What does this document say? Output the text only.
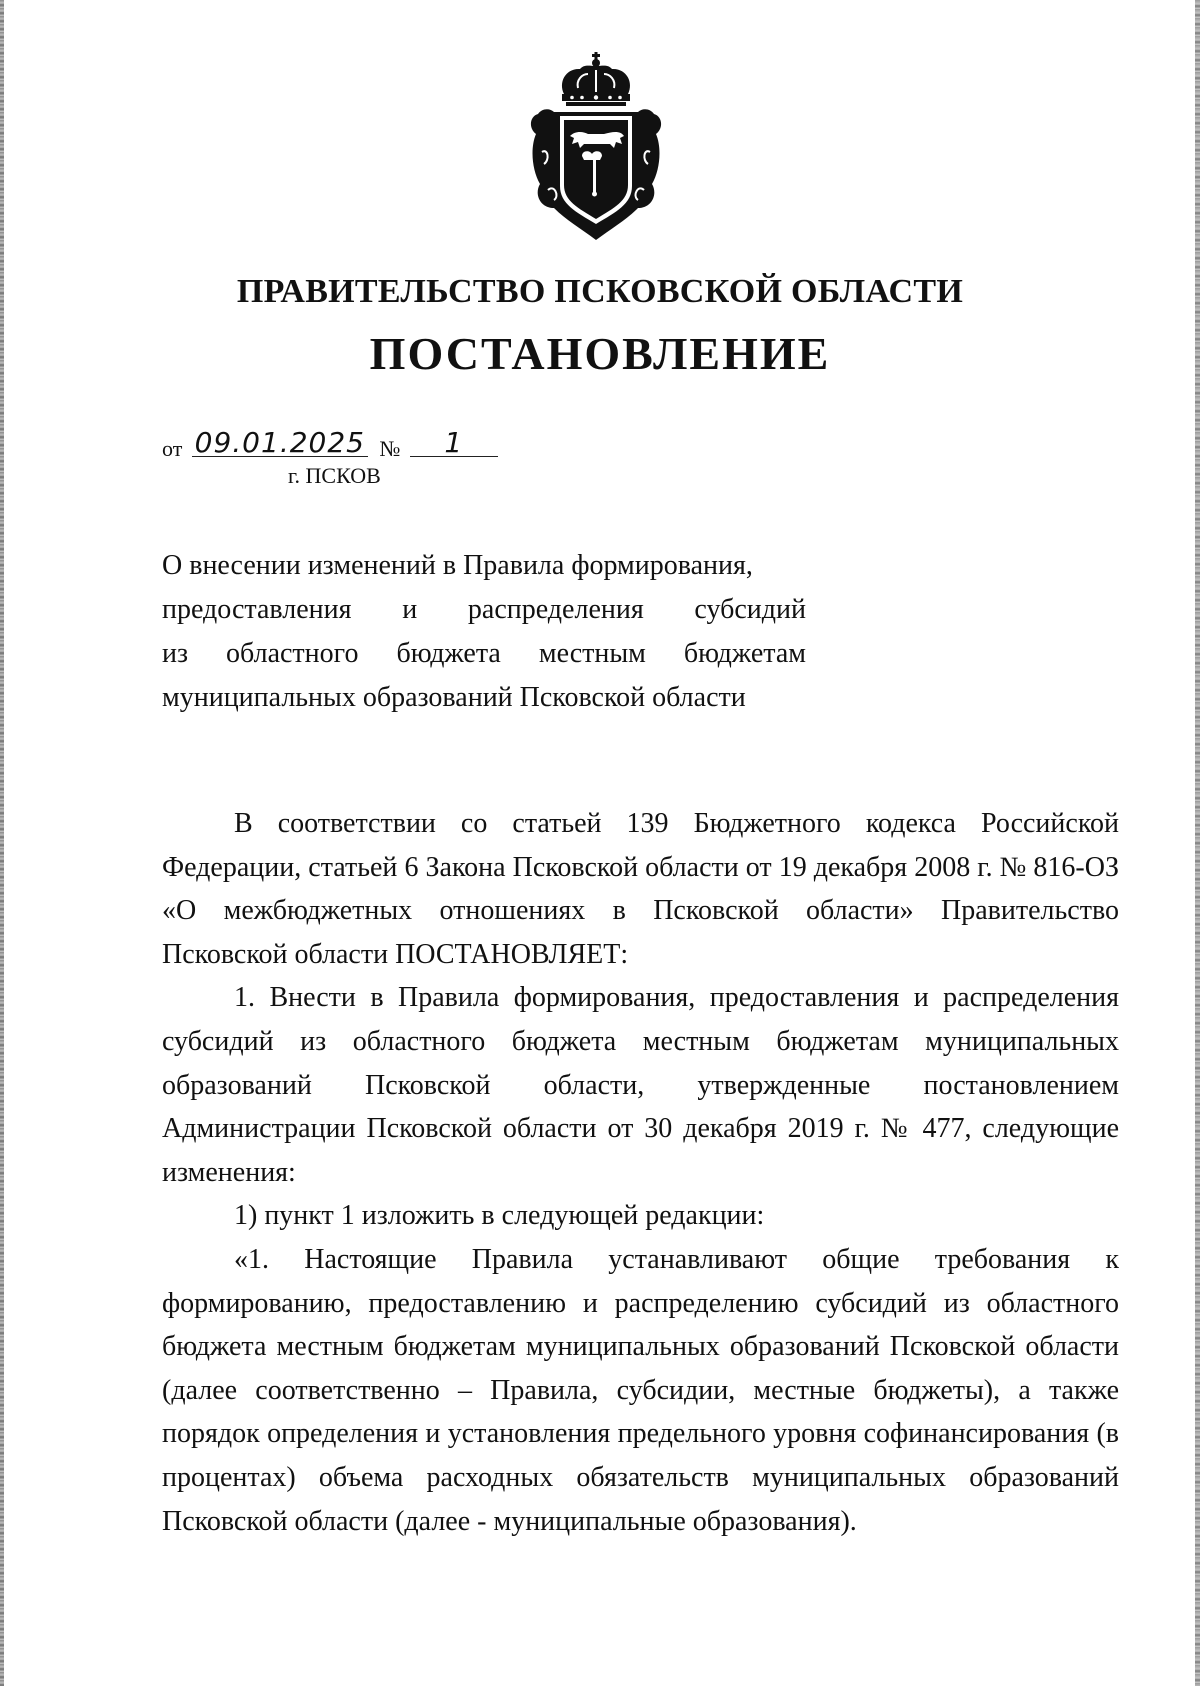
ПРАВИТЕЛЬСТВО ПСКОВСКОЙ ОБЛАСТИ
ПОСТАНОВЛЕНИЕ
от 09.01.2025 № 1
г. ПСКОВ

О внесении изменений в Правила формирования,

предоставления и распределения субсидий

из областного бюджета местным бюджетам

муниципальных образований Псковской области

В соответствии со статьей 139 Бюджетного кодекса Российской Федерации, статьей 6 Закона Псковской области от 19 декабря 2008 г. № 816-ОЗ «О межбюджетных отношениях в Псковской области» Правительство Псковской области ПОСТАНОВЛЯЕТ:

1. Внести в Правила формирования, предоставления и распределения субсидий из областного бюджета местным бюджетам муниципальных образований Псковской области, утвержденные постановлением Администрации Псковской области от 30 декабря 2019 г. № 477, следующие изменения:

1) пункт 1 изложить в следующей редакции:

«1. Настоящие Правила устанавливают общие требования к формированию, предоставлению и распределению субсидий из областного бюджета местным бюджетам муниципальных образований Псковской области (далее соответственно – Правила, субсидии, местные бюджеты), а также порядок определения и установления предельного уровня софинансирования (в процентах) объема расходных обязательств муниципальных образований Псковской области (далее - муниципальные образования).
